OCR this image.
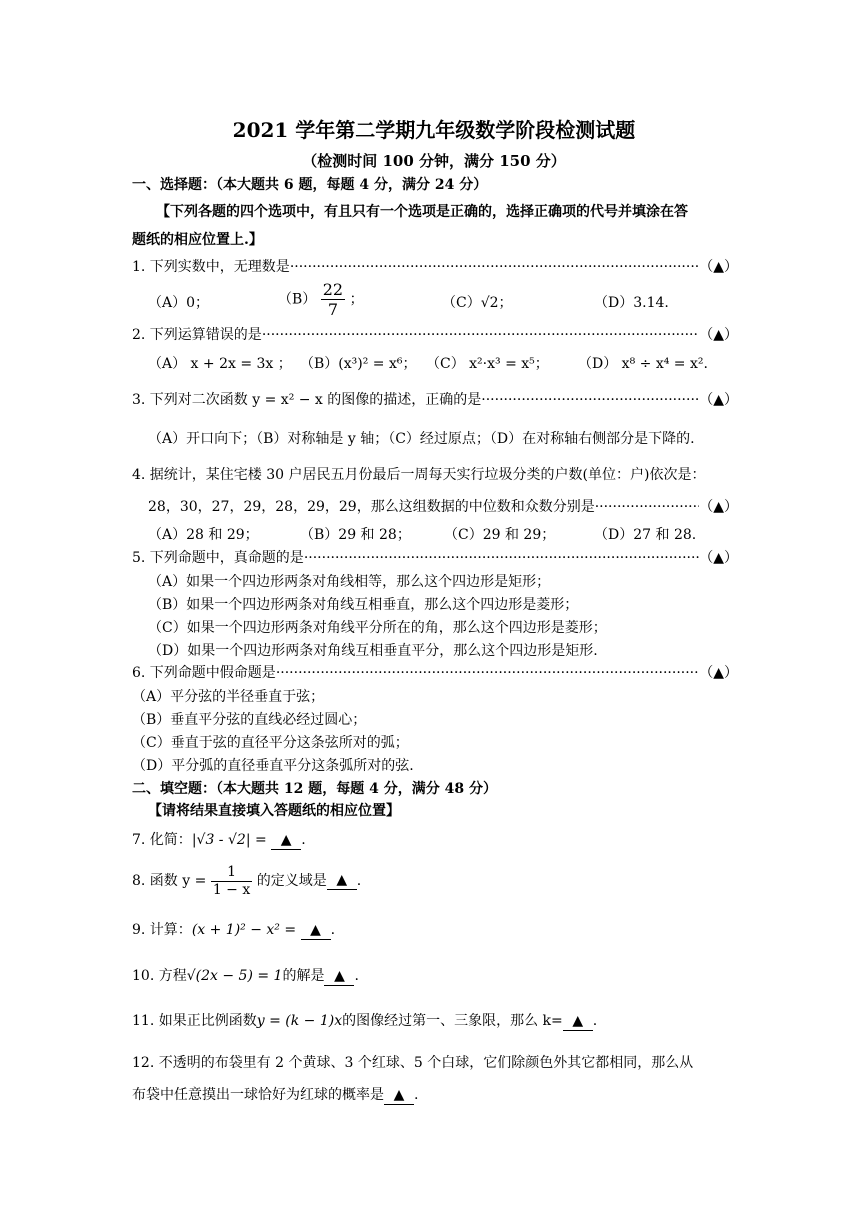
2021 学年第二学期九年级数学阶段检测试题
（检测时间 100 分钟，满分 150 分）
一、选择题：（本大题共 6 题，每题 4 分，满分 24 分）
【下列各题的四个选项中，有且只有一个选项是正确的，选择正确项的代号并填涂在答
题纸的相应位置上.】
1. 下列实数中，无理数是 ·····	（▲）
（A）0；	$(B) \frac{22}{7}$ ；	（C）√2；	（D）3.14.
2. 下列运算错误的是 ·····	（▲）
（A） x + 2x = 3x ； （B）(x³)² = x⁶； （C） x²·x³ = x⁵； （D） x⁸ ÷ x⁴ = x².
3. 下列对二次函数 y = x² − x 的图像的描述，正确的是 ·····	（▲）
（A）开口向下；（B）对称轴是 y 轴；（C）经过原点；（D）在对称轴右侧部分是下降的.
4. 据统计，某住宅楼 30 户居民五月份最后一周每天实行垃圾分类的户数(单位：户)依次是：
28，30，27，29，28，29，29，那么这组数据的中位数和众数分别是 ·····	（▲）
（A）28 和 29；	（B）29 和 28； （C）29 和 29；	（D）27 和 28.
5. 下列命题中，真命题的是 ·····	（▲）
（A）如果一个四边形两条对角线相等，那么这个四边形是矩形；
（B）如果一个四边形两条对角线互相垂直，那么这个四边形是菱形；
（C）如果一个四边形两条对角线平分所在的角，那么这个四边形是菱形；
（D）如果一个四边形两条对角线互相垂直平分，那么这个四边形是矩形.
6. 下列命题中假命题是 ·····	（▲）
（A）平分弦的半径垂直于弦；
（B）垂直平分弦的直线必经过圆心；
（C）垂直于弦的直径平分这条弦所对的弧；
（D）平分弧的直径垂直平分这条弧所对的弦.
二、填空题：（本大题共 12 题，每题 4 分，满分 48 分）
【请将结果直接填入答题纸的相应位置】
7. 化简：|√3 - √2| = ▲ .
8. 函数 $y = \frac{1}{1 - x}$ 的定义域是 ▲ .
9. 计算：(x + 1)² − x² = ▲ .
10. 方程√(2x − 5) = 1的解是 ▲ .
11. 如果正比例函数y = (k − 1)x的图像经过第一、三象限，那么 k= ▲ .
12. 不透明的布袋里有 2 个黄球、3 个红球、5 个白球，它们除颜色外其它都相同，那么从
布袋中任意摸出一球恰好为红球的概率是 ▲ .
